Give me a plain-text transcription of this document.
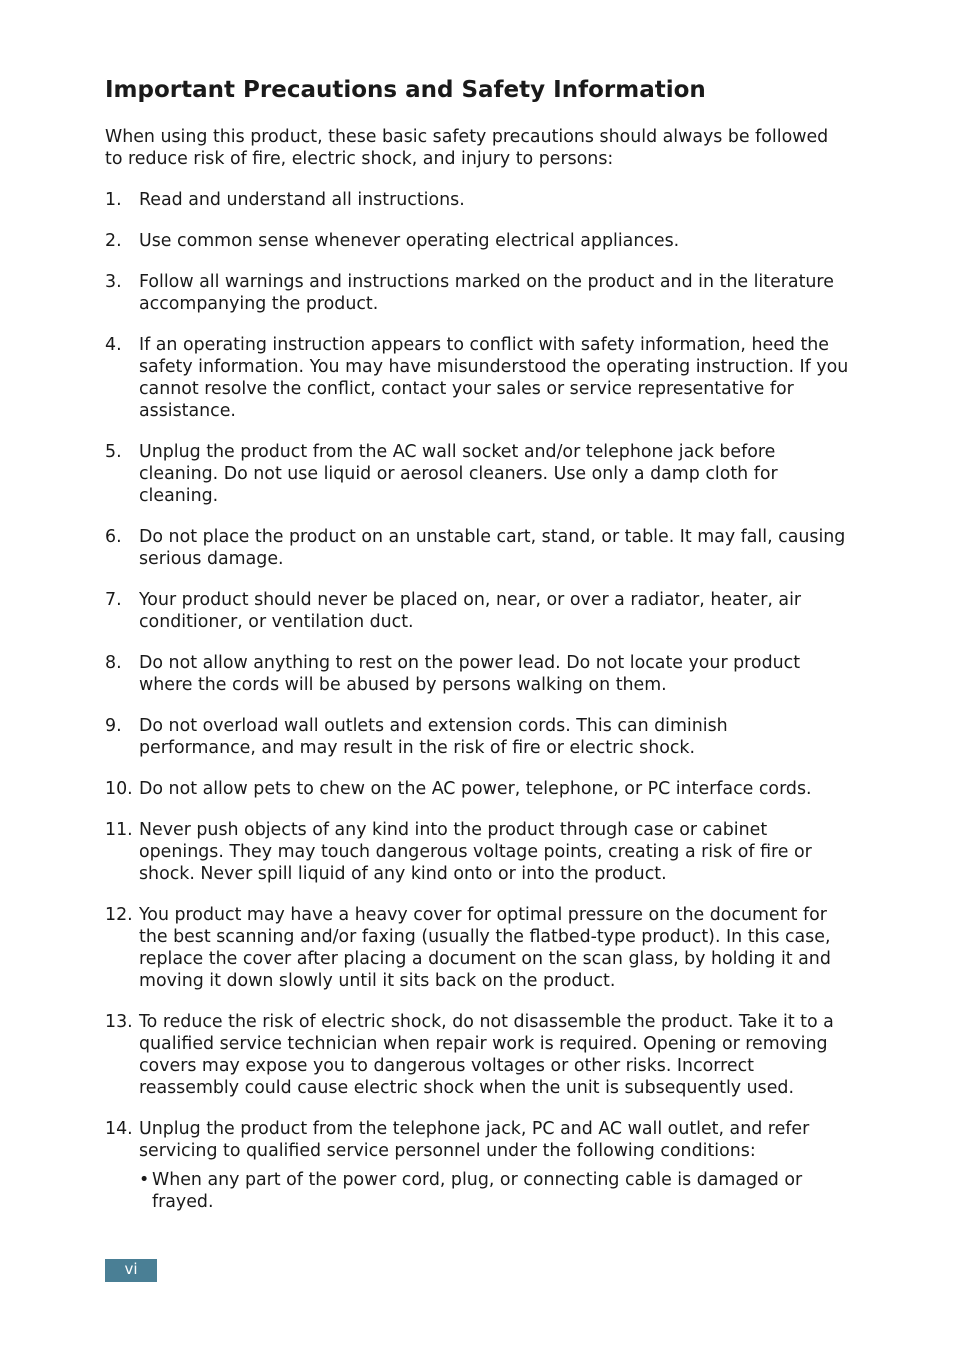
Important Precautions and Safety Information

When using this product, these basic safety precautions should always be followed to reduce risk of fire, electric shock, and injury to persons:

1. Read and understand all instructions.
2. Use common sense whenever operating electrical appliances.
3. Follow all warnings and instructions marked on the product and in the literature accompanying the product.
4. If an operating instruction appears to conflict with safety information, heed the safety information. You may have misunderstood the operating instruction. If you cannot resolve the conflict, contact your sales or service representative for assistance.
5. Unplug the product from the AC wall socket and/or telephone jack before cleaning. Do not use liquid or aerosol cleaners. Use only a damp cloth for cleaning.
6. Do not place the product on an unstable cart, stand, or table. It may fall, causing serious damage.
7. Your product should never be placed on, near, or over a radiator, heater, air conditioner, or ventilation duct.
8. Do not allow anything to rest on the power lead. Do not locate your product where the cords will be abused by persons walking on them.
9. Do not overload wall outlets and extension cords. This can diminish performance, and may result in the risk of fire or electric shock.
10. Do not allow pets to chew on the AC power, telephone, or PC interface cords.
11. Never push objects of any kind into the product through case or cabinet openings. They may touch dangerous voltage points, creating a risk of fire or shock. Never spill liquid of any kind onto or into the product.
12. You product may have a heavy cover for optimal pressure on the document for the best scanning and/or faxing (usually the flatbed-type product). In this case, replace the cover after placing a document on the scan glass, by holding it and moving it down slowly until it sits back on the product.
13. To reduce the risk of electric shock, do not disassemble the product. Take it to a qualified service technician when repair work is required. Opening or removing covers may expose you to dangerous voltages or other risks. Incorrect reassembly could cause electric shock when the unit is subsequently used.
14. Unplug the product from the telephone jack, PC and AC wall outlet, and refer servicing to qualified service personnel under the following conditions:
• When any part of the power cord, plug, or connecting cable is damaged or frayed.
vi
